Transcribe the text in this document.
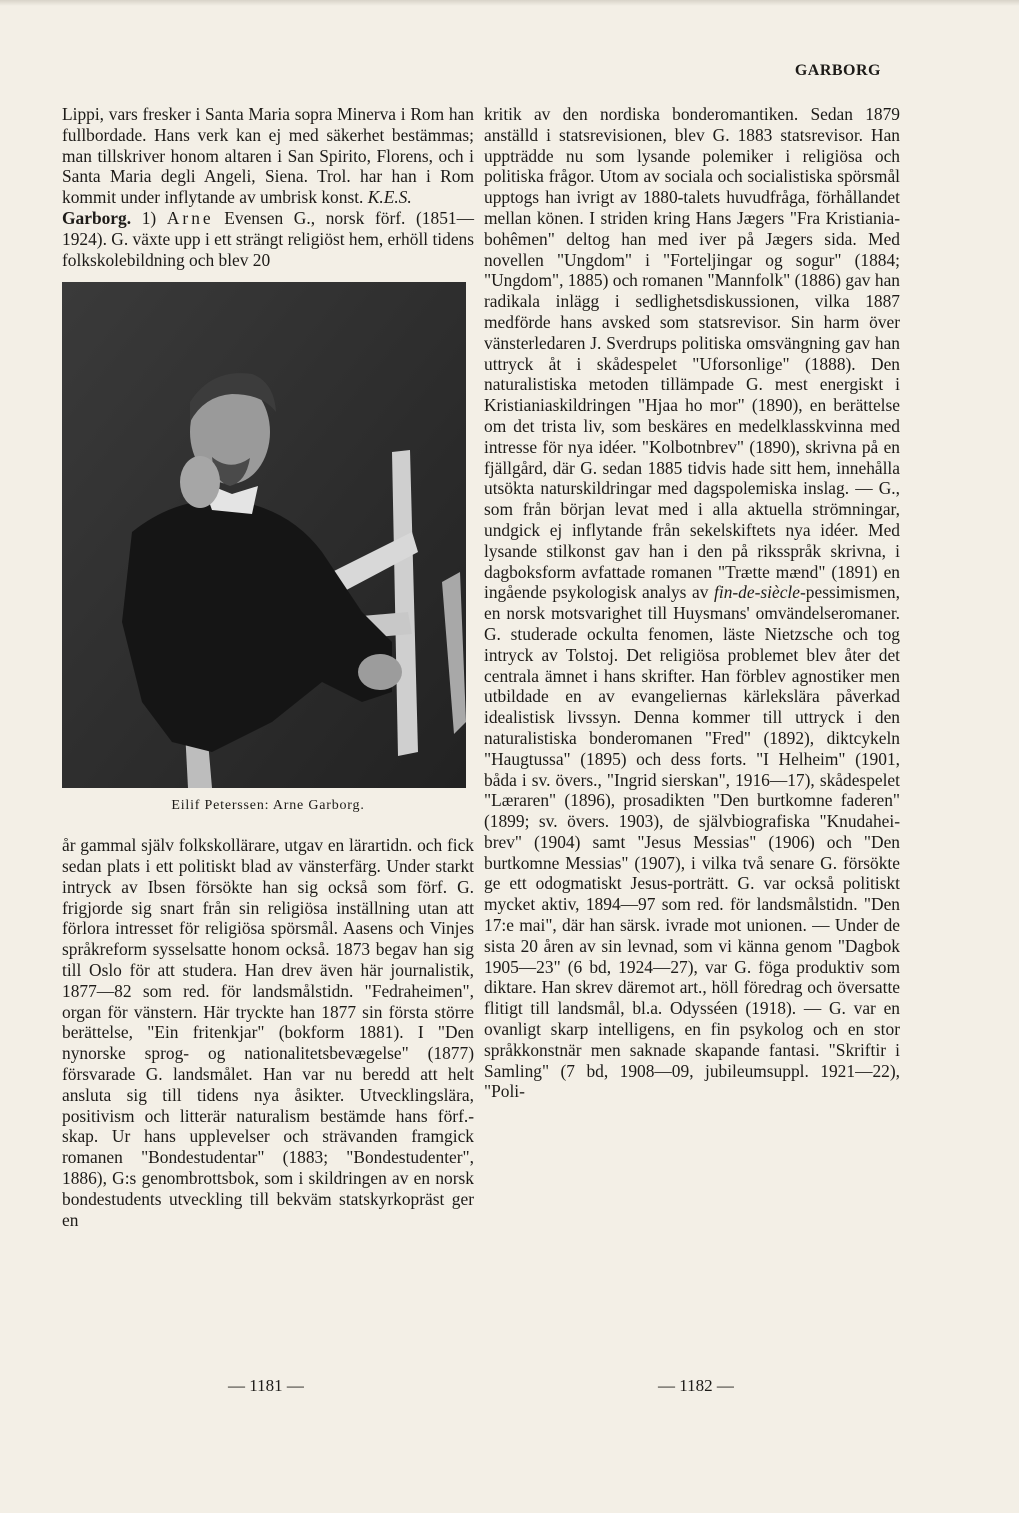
GARBORG

Lippi, vars fresker i Santa Maria sopra Minerva i Rom han fullbordade. Hans verk kan ej med säkerhet bestämmas; man tillskriver honom altaren i San Spirito, Florens, och i Santa Maria degli Angeli, Siena. Trol. har han i Rom kommit under inflytande av umbrisk konst. K.E.S.

Garborg. 1) Arne Evensen G., norsk förf. (1851—1924). G. växte upp i ett strängt religiöst hem, erhöll tidens folkskolebildning och blev 20

Eilif Peterssen: Arne Garborg.

år gammal själv folkskollärare, utgav en lärartidn. och fick sedan plats i ett politiskt blad av vänsterfärg. Under starkt intryck av Ibsen försökte han sig också som förf. G. frigjorde sig snart från sin religiösa inställning utan att förlora intresset för religiösa spörsmål. Aasens och Vinjes språkreform sysselsatte honom också. 1873 begav han sig till Oslo för att studera. Han drev även här journalistik, 1877—82 som red. för landsmålstidn. "Fedraheimen", organ för vänstern. Här tryckte han 1877 sin första större berättelse, "Ein fritenkjar" (bokform 1881). I "Den nynorske sprog- og nationalitetsbevægelse" (1877) försvarade G. landsmålet. Han var nu beredd att helt ansluta sig till tidens nya åsikter. Utvecklingslära, positivism och litterär naturalism bestämde hans förf.-skap. Ur hans upplevelser och strävanden framgick romanen "Bondestudentar" (1883; "Bondestudenter", 1886), G:s genombrottsbok, som i skildringen av en norsk bondestudents utveckling till bekväm statskyrkopräst ger en

kritik av den nordiska bonderomantiken. Sedan 1879 anställd i statsrevisionen, blev G. 1883 statsrevisor. Han uppträdde nu som lysande polemiker i religiösa och politiska frågor. Utom av sociala och socialistiska spörsmål upptogs han ivrigt av 1880-talets huvudfråga, förhållandet mellan könen. I striden kring Hans Jægers "Fra Kristiania-bohêmen" deltog han med iver på Jægers sida. Med novellen "Ungdom" i "Forteljingar og sogur" (1884; "Ungdom", 1885) och romanen "Mannfolk" (1886) gav han radikala inlägg i sedlighetsdiskussionen, vilka 1887 medförde hans avsked som statsrevisor. Sin harm över vänsterledaren J. Sverdrups politiska omsvängning gav han uttryck åt i skådespelet "Uforsonlige" (1888). Den naturalistiska metoden tillämpade G. mest energiskt i Kristianiaskildringen "Hjaa ho mor" (1890), en berättelse om det trista liv, som beskäres en medelklasskvinna med intresse för nya idéer. "Kolbotnbrev" (1890), skrivna på en fjällgård, där G. sedan 1885 tidvis hade sitt hem, innehålla utsökta naturskildringar med dagspolemiska inslag. — G., som från början levat med i alla aktuella strömningar, undgick ej inflytande från sekelskiftets nya idéer. Med lysande stilkonst gav han i den på riksspråk skrivna, i dagboksform avfattade romanen "Trætte mænd" (1891) en ingående psykologisk analys av fin-de-siècle-pessimismen, en norsk motsvarighet till Huysmans' omvändelseromaner. G. studerade ockulta fenomen, läste Nietzsche och tog intryck av Tolstoj. Det religiösa problemet blev åter det centrala ämnet i hans skrifter. Han förblev agnostiker men utbildade en av evangeliernas kärlekslära påverkad idealistisk livssyn. Denna kommer till uttryck i den naturalistiska bonderomanen "Fred" (1892), diktcykeln "Haugtussa" (1895) och dess forts. "I Helheim" (1901, båda i sv. övers., "Ingrid sierskan", 1916—17), skådespelet "Læraren" (1896), prosadikten "Den burtkomne faderen" (1899; sv. övers. 1903), de självbiografiska "Knudahei-brev" (1904) samt "Jesus Messias" (1906) och "Den burtkomne Messias" (1907), i vilka två senare G. försökte ge ett odogmatiskt Jesus-porträtt. G. var också politiskt mycket aktiv, 1894—97 som red. för landsmålstidn. "Den 17:e mai", där han särsk. ivrade mot unionen. — Under de sista 20 åren av sin levnad, som vi känna genom "Dagbok 1905—23" (6 bd, 1924—27), var G. föga produktiv som diktare. Han skrev däremot art., höll föredrag och översatte flitigt till landsmål, bl.a. Odysséen (1918). — G. var en ovanligt skarp intelligens, en fin psykolog och en stor språkkonstnär men saknade skapande fantasi. "Skriftir i Samling" (7 bd, 1908—09, jubileumsuppl. 1921—22), "Poli-

— 1181 —	— 1182 —
